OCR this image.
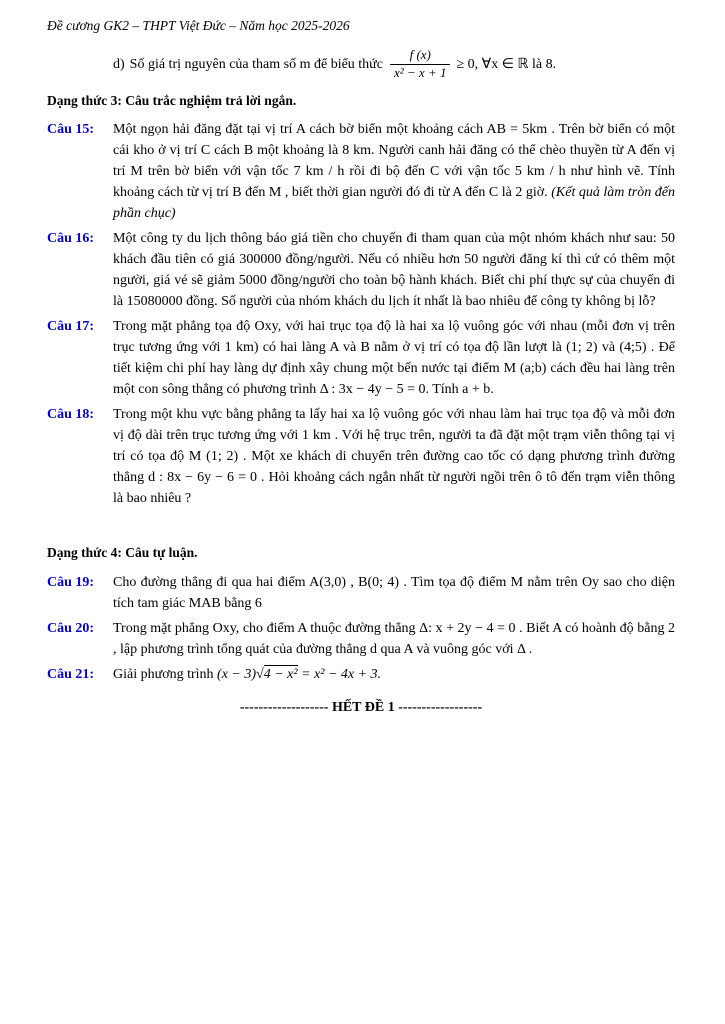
Đề cương GK2 – THPT Việt Đức – Năm học 2025-2026
d) Số giá trị nguyên của tham số m để biểu thức $\frac{f (x)}{\text{x² − x + 1}} \ge 0$, ∀x ∈ ℝ là 8.
Dạng thức 3: Câu trắc nghiệm trả lời ngắn.
Câu 15:	Một ngọn hải đăng đặt tại vị trí A cách bờ biển một khoảng cách AB = 5km . Trên bờ biển có một cái kho ở vị trí C cách B một khoảng là 8 km. Người canh hải đăng có thể chèo thuyền từ A đến vị trí M trên bờ biển với vận tốc 7 km / h rồi đi bộ đến C với vận tốc 5 km / h như hình vẽ. Tính khoảng cách từ vị trí B đến M , biết thời gian người đó đi từ A đến C là 2 giờ. (Kết quả làm tròn đến phần chục)
Câu 16:	Một công ty du lịch thông báo giá tiền cho chuyến đi tham quan của một nhóm khách như sau: 50 khách đầu tiên có giá 300000 đồng/người. Nếu có nhiều hơn 50 người đăng kí thì cứ có thêm một người, giá vé sẽ giảm 5000 đồng/người cho toàn bộ hành khách. Biết chi phí thực sự của chuyến đi là 15080000 đồng. Số người của nhóm khách du lịch ít nhất là bao nhiêu để công ty không bị lỗ?
Câu 17:	Trong mặt phẳng tọa độ Oxy, với hai trục tọa độ là hai xa lộ vuông góc với nhau (mỗi đơn vị trên trục tương ứng với 1 km) có hai làng A và B nằm ở vị trí có tọa độ lần lượt là (1; 2) và (4;5) . Để tiết kiệm chi phí hay làng dự định xây chung một bến nước tại điểm M (a;b) cách đều hai làng trên một con sông thẳng có phương trình Δ : 3x − 4y − 5 = 0. Tính a + b.
Câu 18:	Trong một khu vực bằng phẳng ta lấy hai xa lộ vuông góc với nhau làm hai trục tọa độ và mỗi đơn vị độ dài trên trục tương ứng với 1 km . Với hệ trục trên, người ta đã đặt một trạm viễn thông tại vị trí có tọa độ M (1; 2) . Một xe khách di chuyển trên đường cao tốc có dạng phương trình đường thẳng d : 8x − 6y − 6 = 0 . Hỏi khoảng cách ngắn nhất từ người ngồi trên ô tô đến trạm viễn thông là bao nhiêu ?
Dạng thức 4: Câu tự luận.
Câu 19:	Cho đường thẳng đi qua hai điểm A(3,0) , B(0; 4) . Tìm tọa độ điểm M nằm trên Oy sao cho diện tích tam giác MAB bằng 6
Câu 20:	Trong mặt phẳng Oxy, cho điểm A thuộc đường thẳng Δ: x + 2y − 4 = 0 . Biết A có hoành độ bằng 2 , lập phương trình tổng quát của đường thẳng d qua A và vuông góc với Δ .
Câu 21:	Giải phương trình (x − 3)√4 − x² = x² − 4x + 3.
------------------- HẾT ĐỀ 1 ------------------
